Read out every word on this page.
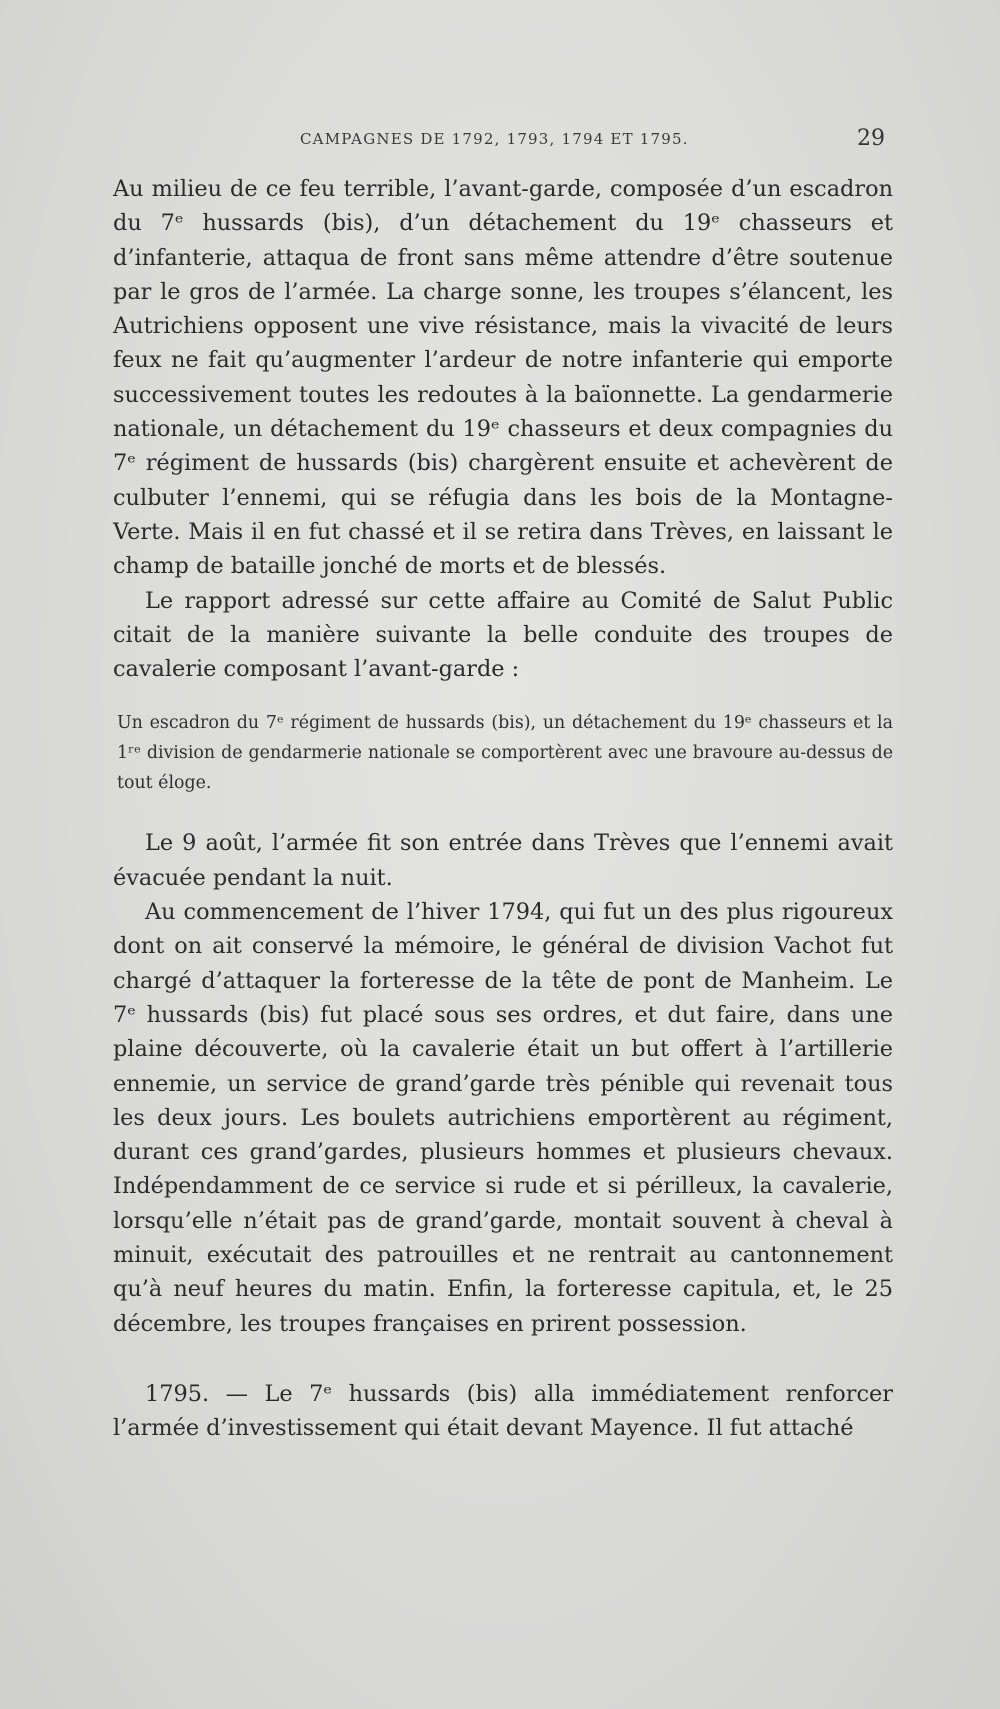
CAMPAGNES DE 1792, 1793, 1794 ET 1795.	29

Au milieu de ce feu terrible, l’avant-garde, composée d’un escadron du 7ᵉ hussards (bis), d’un détachement du 19ᵉ chasseurs et d’infanterie, attaqua de front sans même attendre d’être soutenue par le gros de l’armée. La charge sonne, les troupes s’élancent, les Autrichiens opposent une vive résistance, mais la vivacité de leurs feux ne fait qu’augmenter l’ardeur de notre infanterie qui emporte successivement toutes les redoutes à la baïonnette. La gendarmerie nationale, un détachement du 19ᵉ chasseurs et deux compagnies du 7ᵉ régiment de hussards (bis) chargèrent ensuite et achevèrent de culbuter l’ennemi, qui se réfugia dans les bois de la Montagne-Verte. Mais il en fut chassé et il se retira dans Trèves, en laissant le champ de bataille jonché de morts et de blessés.

Le rapport adressé sur cette affaire au Comité de Salut Public citait de la manière suivante la belle conduite des troupes de cavalerie composant l’avant-garde :

Un escadron du 7ᵉ régiment de hussards (bis), un détachement du 19ᵉ chasseurs et la 1ʳᵉ division de gendarmerie nationale se comportèrent avec une bravoure au-dessus de tout éloge.

Le 9 août, l’armée fit son entrée dans Trèves que l’ennemi avait évacuée pendant la nuit.

Au commencement de l’hiver 1794, qui fut un des plus rigoureux dont on ait conservé la mémoire, le général de division Vachot fut chargé d’attaquer la forteresse de la tête de pont de Manheim. Le 7ᵉ hussards (bis) fut placé sous ses ordres, et dut faire, dans une plaine découverte, où la cavalerie était un but offert à l’artillerie ennemie, un service de grand’garde très pénible qui revenait tous les deux jours. Les boulets autrichiens emportèrent au régiment, durant ces grand’gardes, plusieurs hommes et plusieurs chevaux. Indépendamment de ce service si rude et si périlleux, la cavalerie, lorsqu’elle n’était pas de grand’garde, montait souvent à cheval à minuit, exécutait des patrouilles et ne rentrait au cantonnement qu’à neuf heures du matin. Enfin, la forteresse capitula, et, le 25 décembre, les troupes françaises en prirent possession.

1795. — Le 7ᵉ hussards (bis) alla immédiatement renforcer l’armée d’investissement qui était devant Mayence. Il fut attaché
